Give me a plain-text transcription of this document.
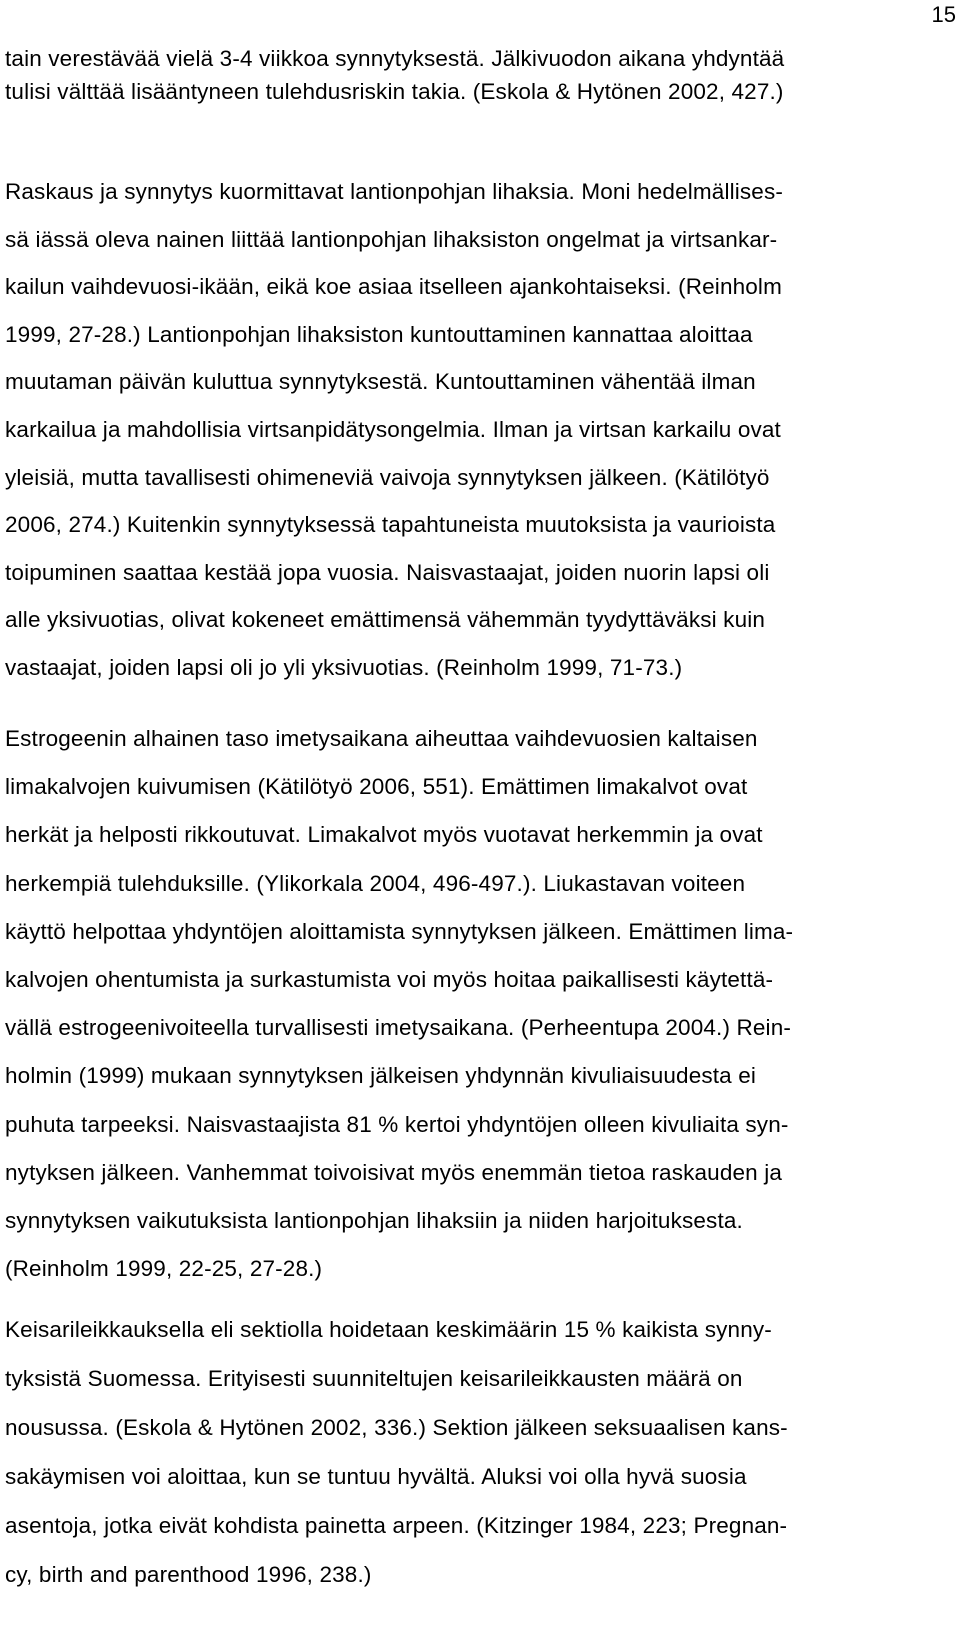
15
tain verestävää vielä 3-4 viikkoa synnytyksestä. Jälkivuodon aikana yhdyntää
tulisi välttää lisääntyneen tulehdusriskin takia. (Eskola & Hytönen 2002, 427.)
Raskaus ja synnytys kuormittavat lantionpohjan lihaksia. Moni hedelmällises-
sä iässä oleva nainen liittää lantionpohjan lihaksiston ongelmat ja virtsankar-
kailun vaihdevuosi-ikään, eikä koe asiaa itselleen ajankohtaiseksi. (Reinholm
1999, 27-28.) Lantionpohjan lihaksiston kuntouttaminen kannattaa aloittaa
muutaman päivän kuluttua synnytyksestä. Kuntouttaminen vähentää ilman
karkailua ja mahdollisia virtsanpidätysongelmia. Ilman ja virtsan karkailu ovat
yleisiä, mutta tavallisesti ohimeneviä vaivoja synnytyksen jälkeen. (Kätilötyö
2006, 274.) Kuitenkin synnytyksessä tapahtuneista muutoksista ja vaurioista
toipuminen saattaa kestää jopa vuosia. Naisvastaajat, joiden nuorin lapsi oli
alle yksivuotias, olivat kokeneet emättimensä vähemmän tyydyttäväksi kuin
vastaajat, joiden lapsi oli jo yli yksivuotias. (Reinholm 1999, 71-73.)
Estrogeenin alhainen taso imetysaikana aiheuttaa vaihdevuosien kaltaisen
limakalvojen kuivumisen (Kätilötyö 2006, 551). Emättimen limakalvot ovat
herkät ja helposti rikkoutuvat. Limakalvot myös vuotavat herkemmin ja ovat
herkempiä tulehduksille. (Ylikorkala 2004, 496-497.). Liukastavan voiteen
käyttö helpottaa yhdyntöjen aloittamista synnytyksen jälkeen. Emättimen lima-
kalvojen ohentumista ja surkastumista voi myös hoitaa paikallisesti käytettä-
vällä estrogeenivoiteella turvallisesti imetysaikana. (Perheentupa 2004.) Rein-
holmin (1999) mukaan synnytyksen jälkeisen yhdynnän kivuliaisuudesta ei
puhuta tarpeeksi. Naisvastaajista 81 % kertoi yhdyntöjen olleen kivuliaita syn-
nytyksen jälkeen. Vanhemmat toivoisivat myös enemmän tietoa raskauden ja
synnytyksen vaikutuksista lantionpohjan lihaksiin ja niiden harjoituksesta.
(Reinholm 1999, 22-25, 27-28.)
Keisarileikkauksella eli sektiolla hoidetaan keskimäärin 15 % kaikista synny-
tyksistä Suomessa. Erityisesti suunniteltujen keisarileikkausten määrä on
nousussa. (Eskola & Hytönen 2002, 336.) Sektion jälkeen seksuaalisen kans-
sakäymisen voi aloittaa, kun se tuntuu hyvältä. Aluksi voi olla hyvä suosia
asentoja, jotka eivät kohdista painetta arpeen. (Kitzinger 1984, 223; Pregnan-
cy, birth and parenthood 1996, 238.)
